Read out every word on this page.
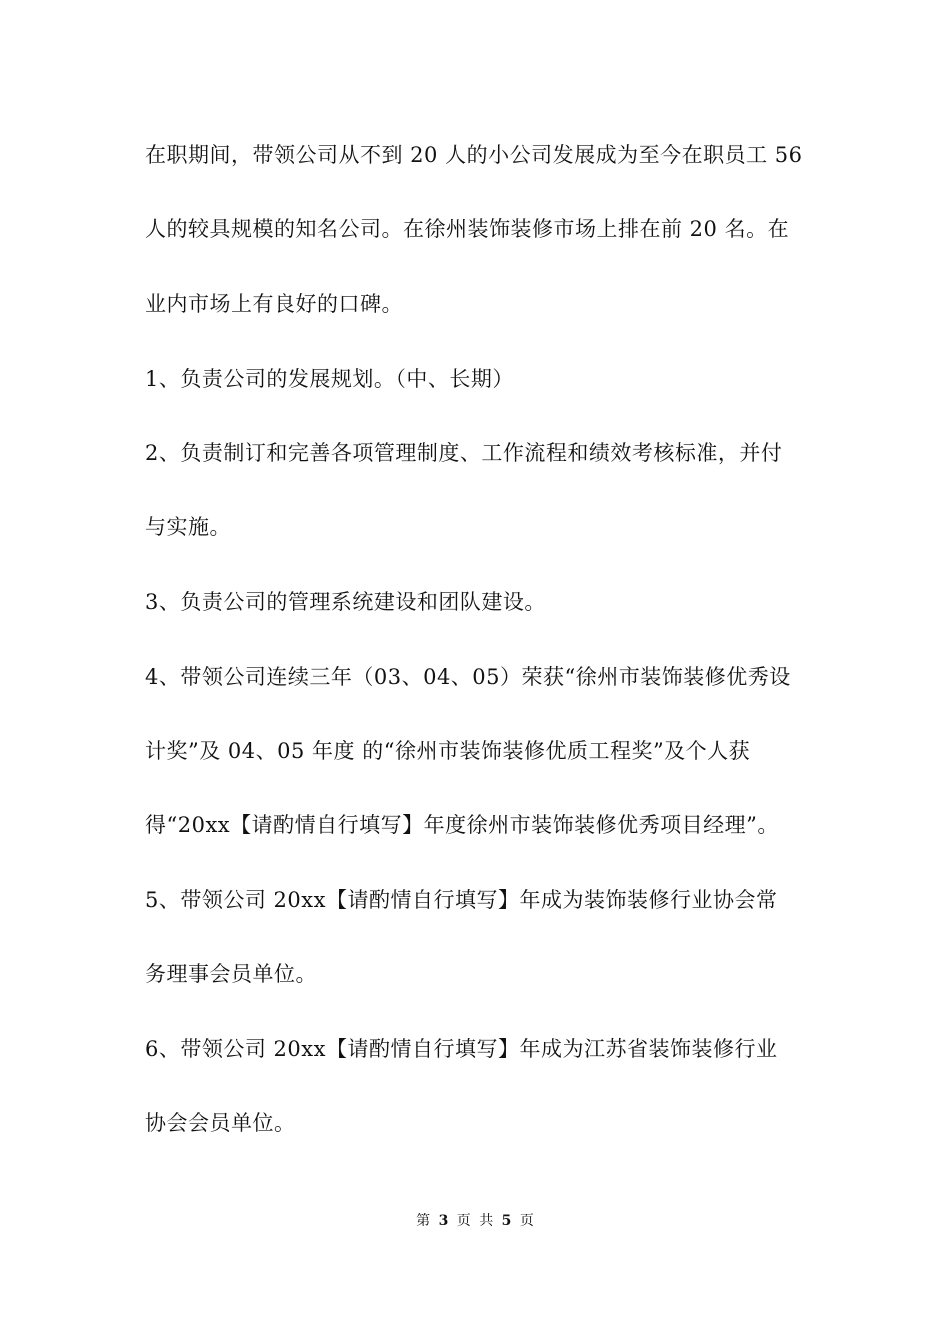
在职期间，带领公司从不到 20 人的小公司发展成为至今在职员工 56
人的较具规模的知名公司。在徐州装饰装修市场上排在前 20 名。在
业内市场上有良好的口碑。
1、负责公司的发展规划。（中、长期）
2、负责制订和完善各项管理制度、工作流程和绩效考核标准，并付
与实施。
3、负责公司的管理系统建设和团队建设。
4、带领公司连续三年（03、04、05）荣获“徐州市装饰装修优秀设
计奖”及 04、05 年度 的“徐州市装饰装修优质工程奖”及个人获
得“20xx【请酌情自行填写】年度徐州市装饰装修优秀项目经理”。
5、带领公司 20xx【请酌情自行填写】年成为装饰装修行业协会常
务理事会员单位。
6、带领公司 20xx【请酌情自行填写】年成为江苏省装饰装修行业
协会会员单位。
第 3 页 共 5 页
